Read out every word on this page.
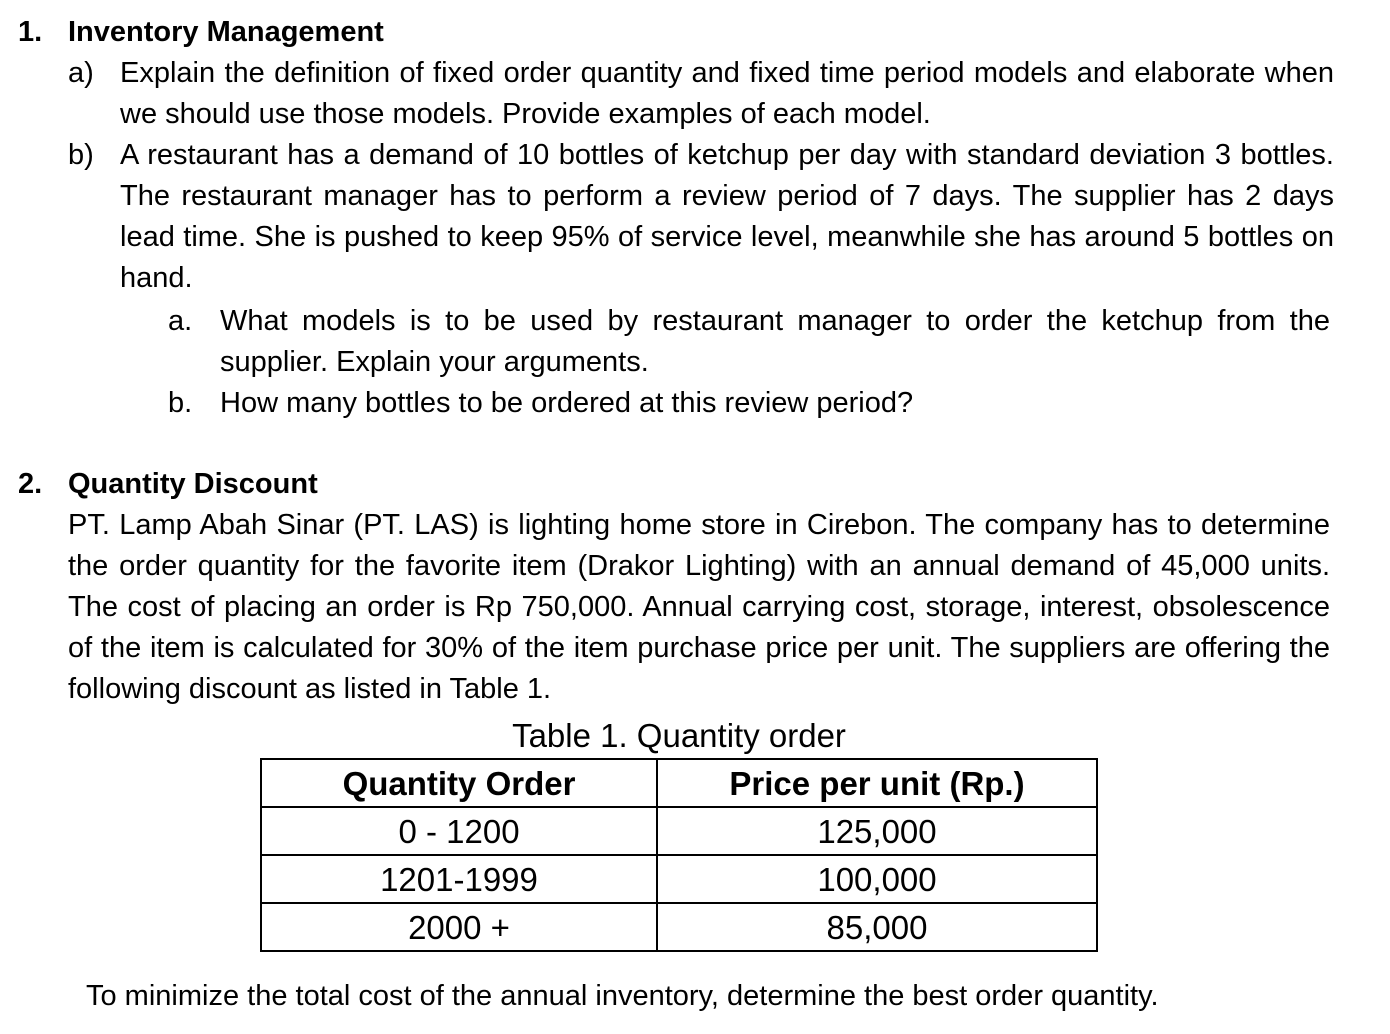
1. Inventory Management
a) Explain the definition of fixed order quantity and fixed time period models and elaborate when we should use those models. Provide examples of each model.
b) A restaurant has a demand of 10 bottles of ketchup per day with standard deviation 3 bottles. The restaurant manager has to perform a review period of 7 days. The supplier has 2 days lead time. She is pushed to keep 95% of service level, meanwhile she has around 5 bottles on hand.
a. What models is to be used by restaurant manager to order the ketchup from the supplier. Explain your arguments.
b. How many bottles to be ordered at this review period?
2. Quantity Discount

PT. Lamp Abah Sinar (PT. LAS) is lighting home store in Cirebon. The company has to determine the order quantity for the favorite item (Drakor Lighting) with an annual demand of 45,000 units. The cost of placing an order is Rp 750,000. Annual carrying cost, storage, interest, obsolescence of the item is calculated for 30% of the item purchase price per unit. The suppliers are offering the following discount as listed in Table 1.

Table 1. Quantity order
Quantity Order	Price per unit (Rp.)
0 - 1200	125,000
1201-1999	100,000
2000 +	85,000
To minimize the total cost of the annual inventory, determine the best order quantity.
